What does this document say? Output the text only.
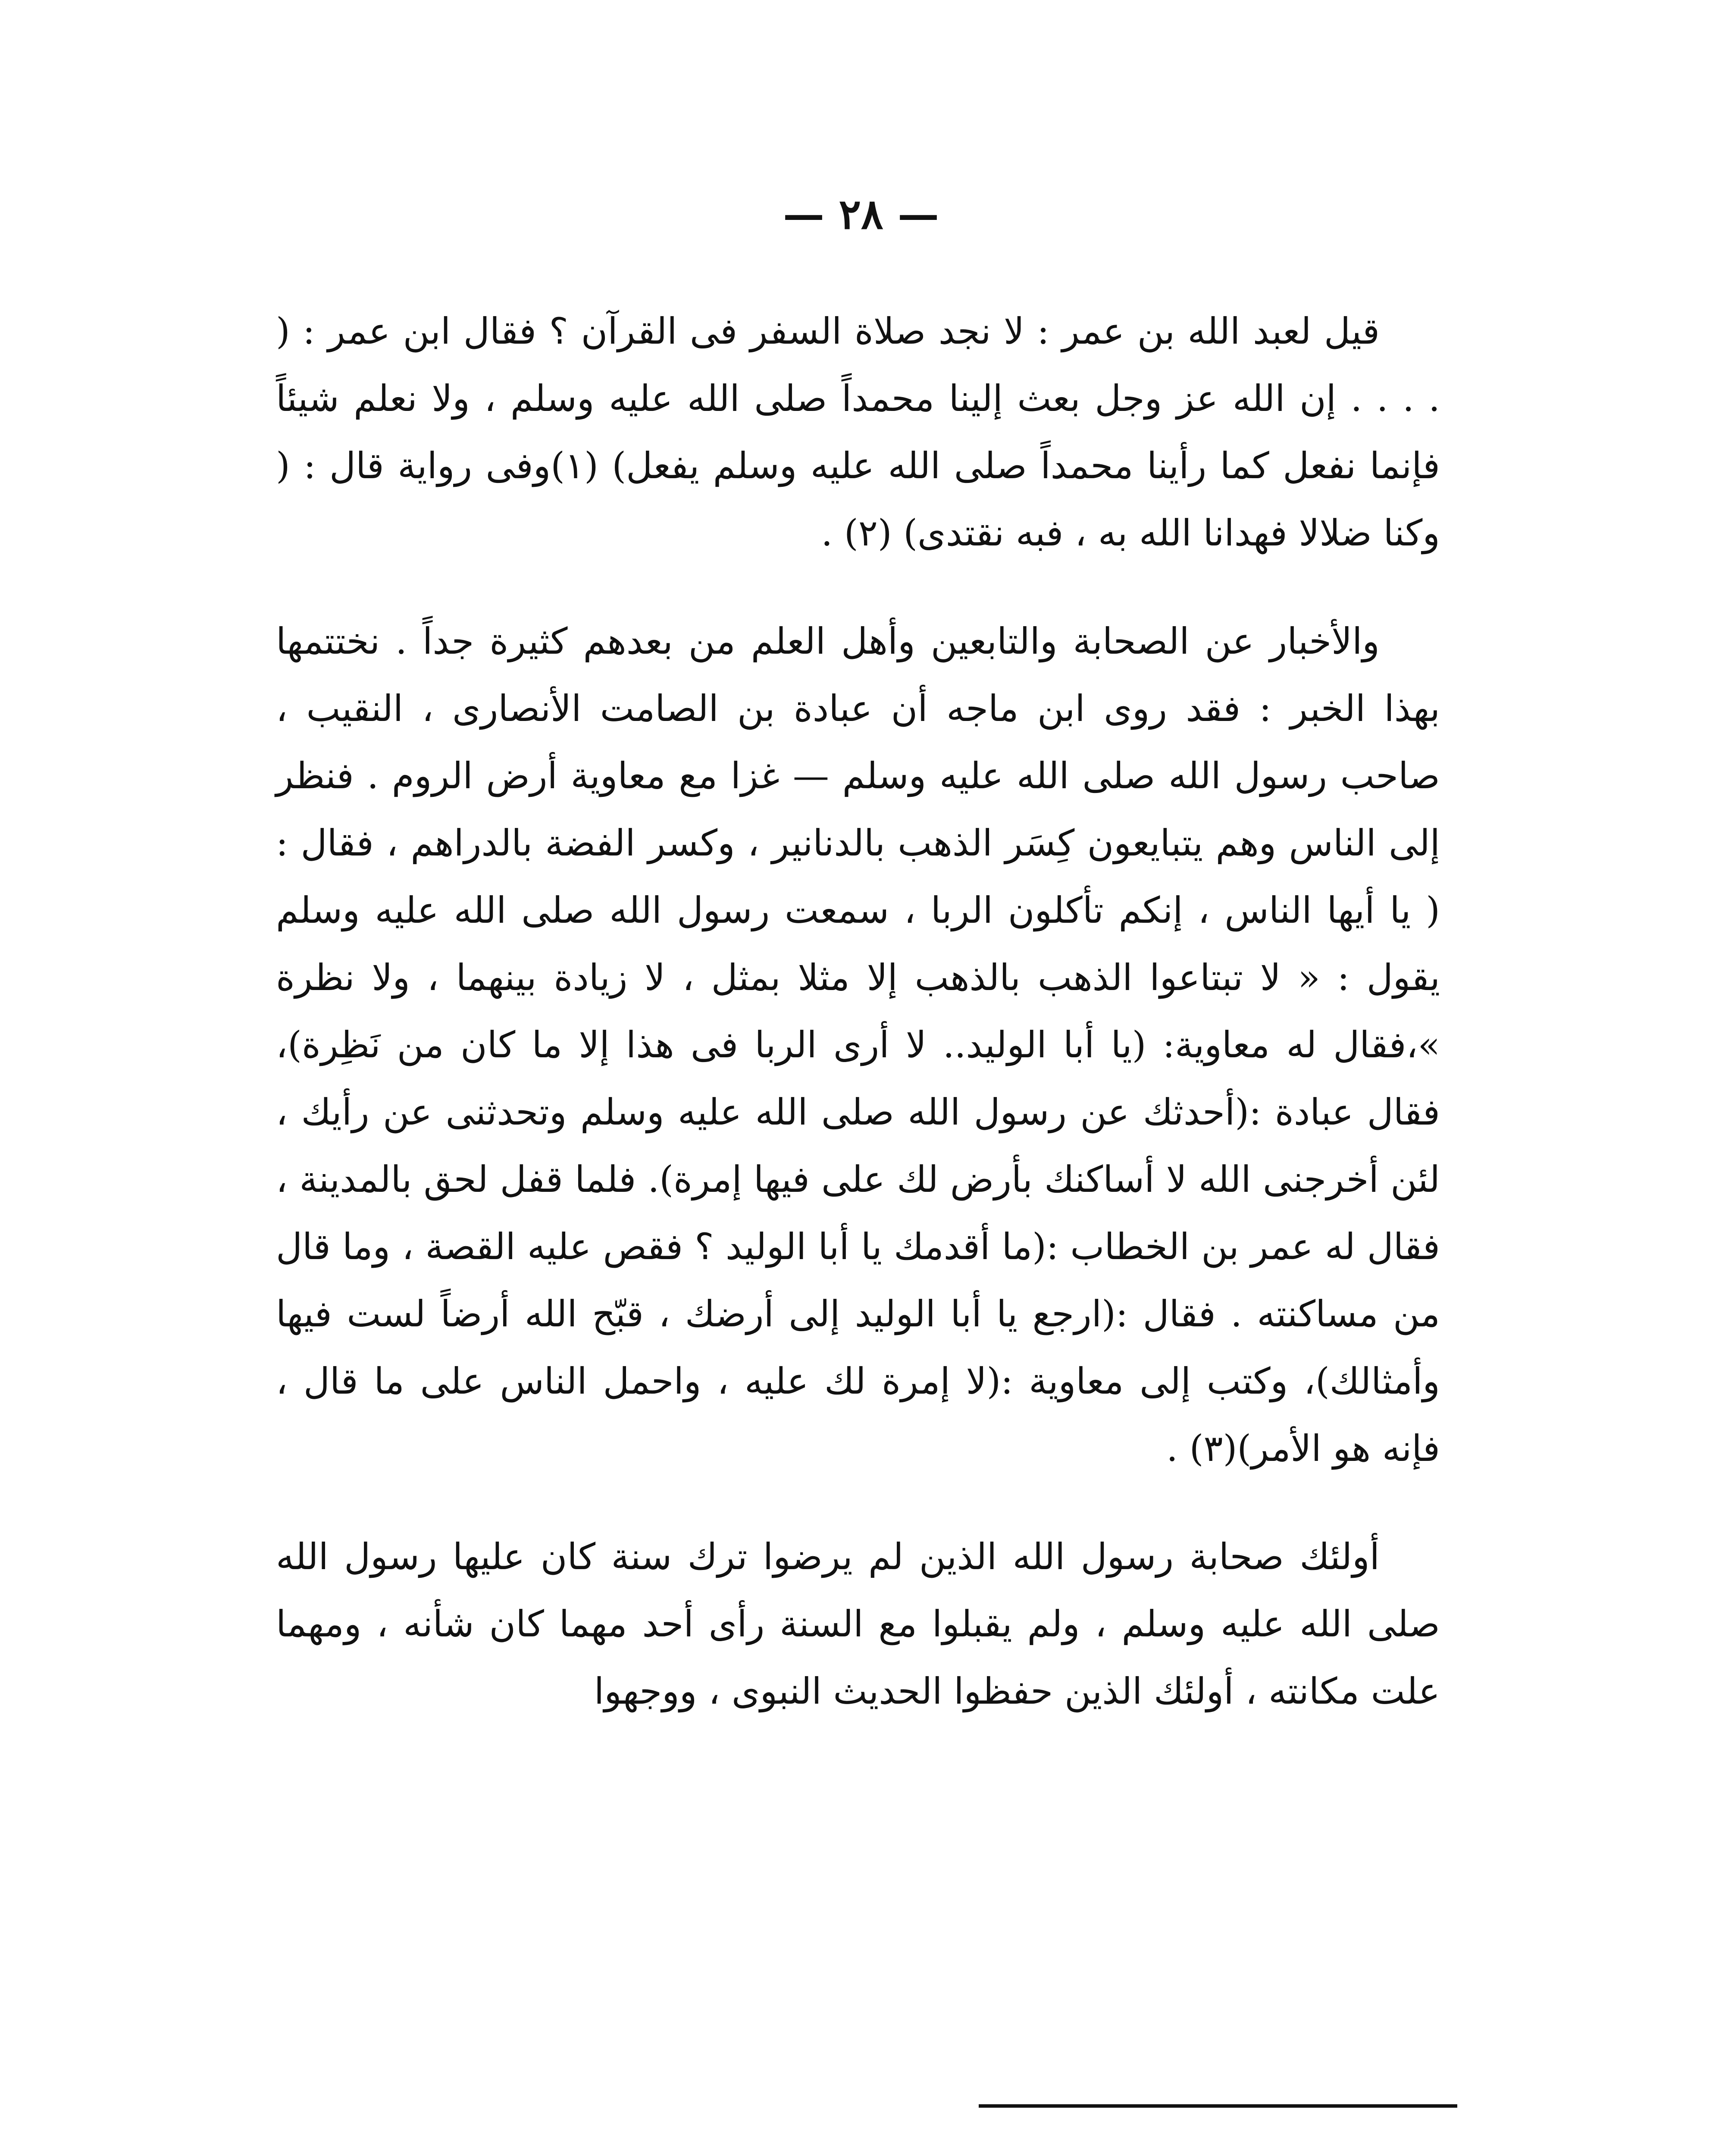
— ٢٨ —

قيل لعبد الله بن عمر : لا نجد صلاة السفر فى القرآن ؟ فقال ابن عمر : ( . . . . إن الله عز وجل بعث إلينا محمداً صلى الله عليه وسلم ، ولا نعلم شيئاً فإنما نفعل كما رأينا محمداً صلى الله عليه وسلم يفعل) (١)وفى رواية قال : ( وكنا ضلالا فهدانا الله به ، فبه نقتدى) (٢) .

والأخبار عن الصحابة والتابعين وأهل العلم من بعدهم كثيرة جداً . نختتمها بهذا الخبر : فقد روى ابن ماجه أن عبادة بن الصامت الأنصارى ، النقيب ، صاحب رسول الله صلى الله عليه وسلم — غزا مع معاوية أرض الروم . فنظر إلى الناس وهم يتبايعون كِسَر الذهب بالدنانير ، وكسر الفضة بالدراهم ، فقال :( يا أيها الناس ، إنكم تأكلون الربا ، سمعت رسول الله صلى الله عليه وسلم يقول : « لا تبتاعوا الذهب بالذهب إلا مثلا بمثل ، لا زيادة بينهما ، ولا نظرة »،فقال له معاوية: (يا أبا الوليد.. لا أرى الربا فى هذا إلا ما كان من نَظِرة)، فقال عبادة :(أحدثك عن رسول الله صلى الله عليه وسلم وتحدثنى عن رأيك ، لئن أخرجنى الله لا أساكنك بأرض لك على فيها إمرة). فلما قفل لحق بالمدينة ، فقال له عمر بن الخطاب :(ما أقدمك يا أبا الوليد ؟ فقص عليه القصة ، وما قال من مساكنته . فقال :(ارجع يا أبا الوليد إلى أرضك ، قبّح الله أرضاً لست فيها وأمثالك)، وكتب إلى معاوية :(لا إمرة لك عليه ، واحمل الناس على ما قال ، فإنه هو الأمر)(٣) .

أولئك صحابة رسول الله الذين لم يرضوا ترك سنة كان عليها رسول الله صلى الله عليه وسلم ، ولم يقبلوا مع السنة رأى أحد مهما كان شأنه ، ومهما علت مكانته ، أولئك الذين حفظوا الحديث النبوى ، ووجهوا
